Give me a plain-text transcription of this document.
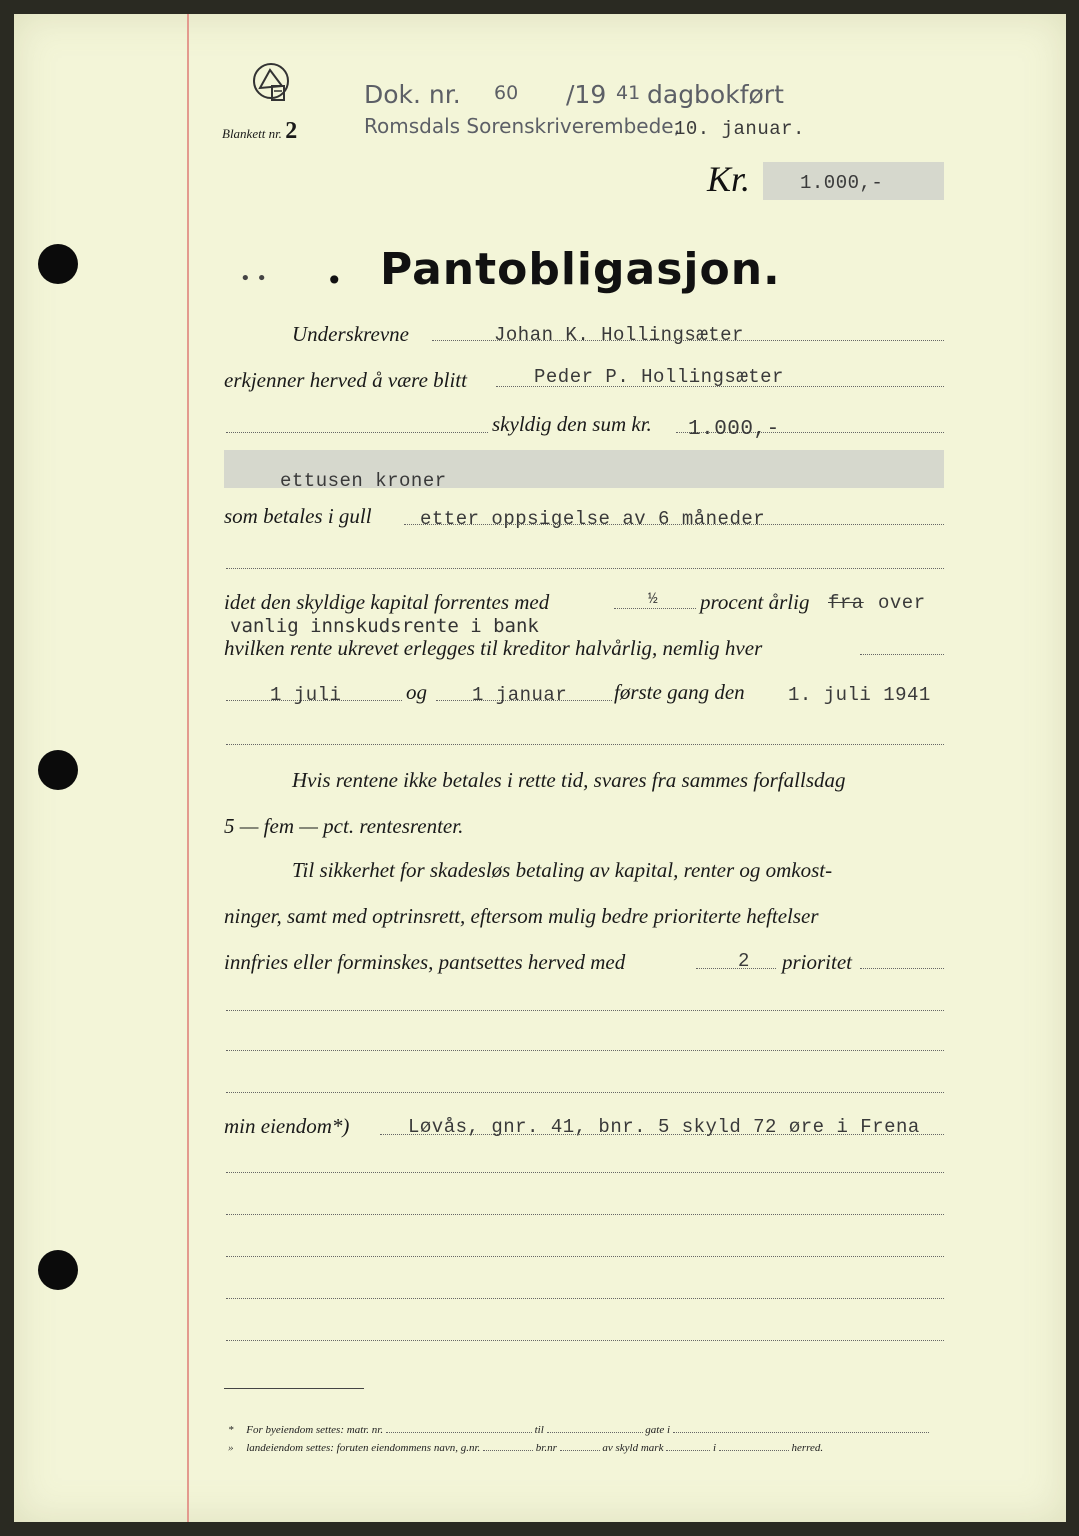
Blankett nr. 2
Dok. nr. 60 /19 41 dagbokført
Romsdals Sorenskriverembede,
10. januar.
Kr.	1.000,-
• • • Pantobligasjon.
Underskrevne	Johan K. Hollingsæter
erkjenner herved å være blitt	Peder P. Hollingsæter
skyldig den sum kr. 1.000,-
ettusen kroner
som betales i gull	etter oppsigelse av 6 måneder
idet den skyldige kapital forrentes med	½ procent årlig fra over
vanlig innskudsrente i bank
hvilken rente ukrevet erlegges til kreditor halvårlig, nemlig hver
1 juli	og 1 januar første gang den 1. juli 1941
Hvis rentene ikke betales i rette tid, svares fra sammes forfallsdag
5 — fem — pct. rentesrenter.
Til sikkerhet for skadesløs betaling av kapital, renter og omkost-
ninger, samt med optrinsrett, eftersom mulig bedre prioriterte heftelser
innfries eller forminskes, pantsettes herved med	2 prioritet
min eiendom*)	Løvås, gnr. 41, bnr. 5 skyld 72 øre i Frena
* For byeiendom settes: matr. nr.	til	gate i
» landeiendom settes: foruten eiendommens navn, g.nr.	br.nr	av skyld mark	i	herred.
